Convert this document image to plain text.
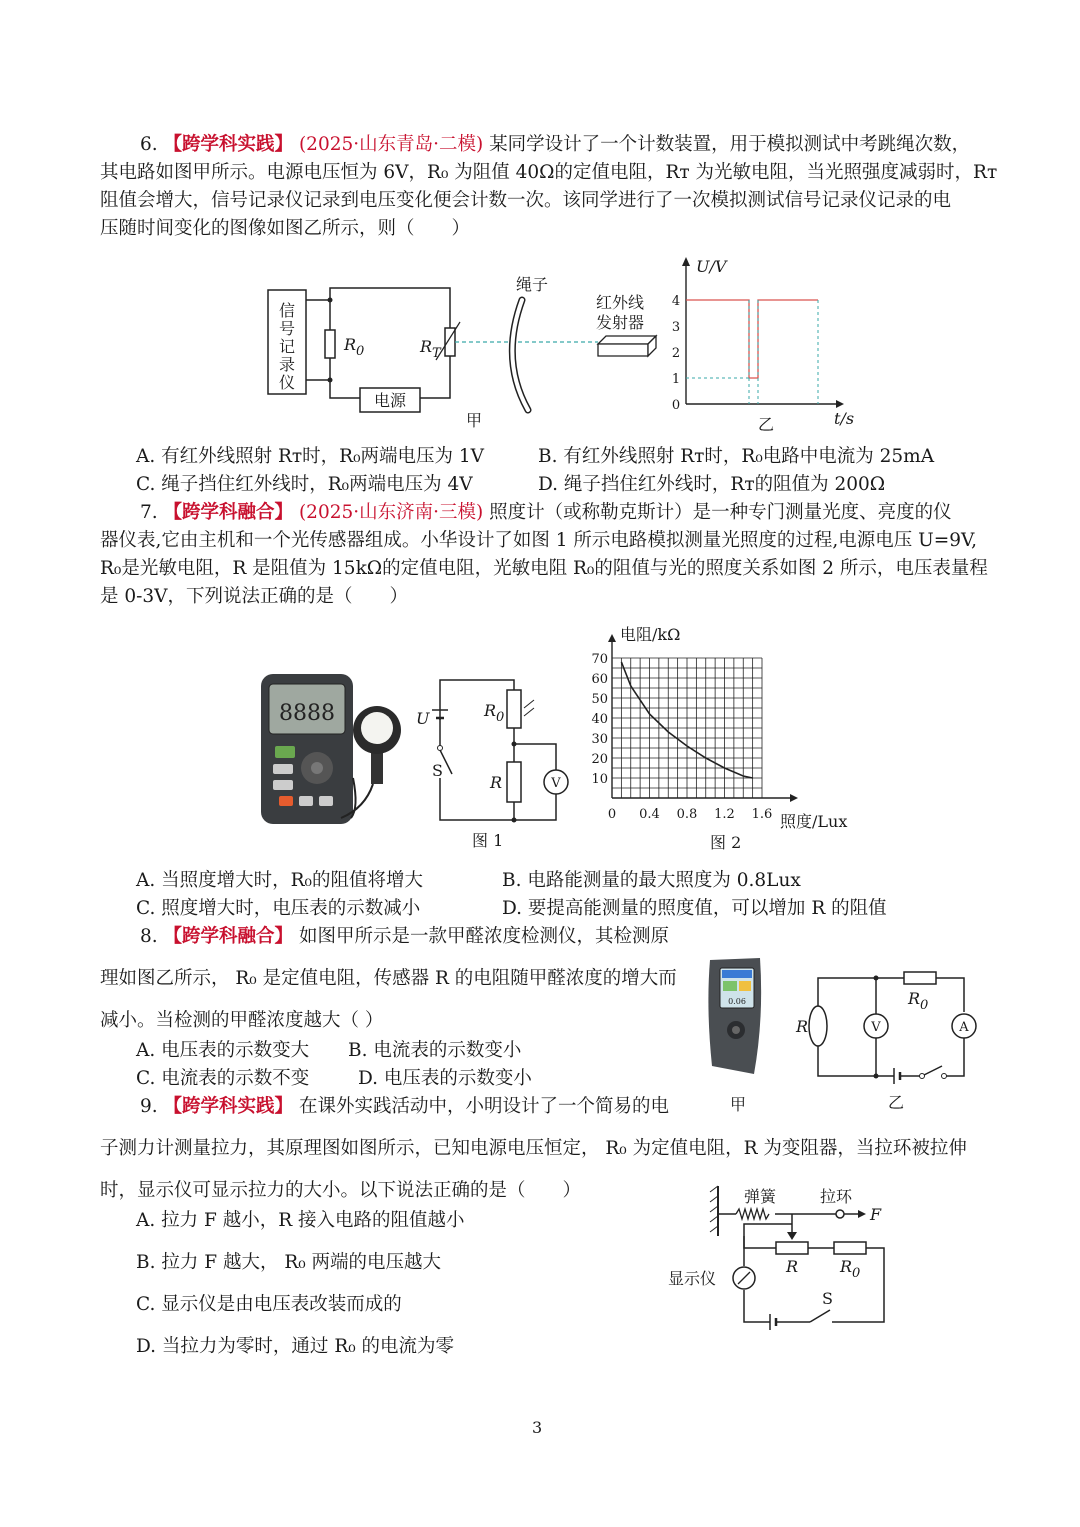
6. 【跨学科实践】 (2025·山东青岛·二模) 某同学设计了一个计数装置，用于模拟测试中考跳绳次数，
其电路如图甲所示。电源电压恒为 6V，R₀ 为阻值 40Ω的定值电阻，Rᴛ 为光敏电阻，当光照强度减弱时，Rᴛ
阻值会增大，信号记录仪记录到电压变化便会计数一次。该同学进行了一次模拟测试信号记录仪记录的电
压随时间变化的图像如图乙所示，则（　　）
信号记录仪
$R_0$	$R_T$
电源
绳子
红外线
发射器
甲
U/V
t/s
乙
0
1
2
3
4
A. 有红外线照射 Rᴛ时，R₀两端电压为 1V	B. 有红外线照射 Rᴛ时，R₀电路中电流为 25mA
C. 绳子挡住红外线时，R₀两端电压为 4V	D. 绳子挡住红外线时，Rᴛ的阻值为 200Ω
7. 【跨学科融合】 (2025·山东济南·三模) 照度计（或称勒克斯计）是一种专门测量光度、亮度的仪
器仪表,它由主机和一个光传感器组成。小华设计了如图 1 所示电路模拟测量光照度的过程,电源电压 U=9V,
R₀是光敏电阻，R 是阻值为 15kΩ的定值电阻，光敏电阻 R₀的阻值与光的照度关系如图 2 所示，电压表量程
是 0-3V，下列说法正确的是（　　）
8888	U
S
$R_0$
R	V
图 1
电阻/kΩ
照度/Lux
图 2
10
20
30
40
50
60
70
0 0.4 0.8 1.2 1.6
A. 当照度增大时，R₀的阻值将增大	B. 电路能测量的最大照度为 0.8Lux
C. 照度增大时，电压表的示数减小	D. 要提高能测量的照度值，可以增加 R 的阻值
8. 【跨学科融合】 如图甲所示是一款甲醛浓度检测仪，其检测原
理如图乙所示， R₀ 是定值电阻，传感器 R 的电阻随甲醛浓度的增大而
减小。当检测的甲醛浓度越大（ ）
A. 电压表的示数变大 B. 电流表的示数变小
C. 电流表的示数不变	D. 电压表的示数变小
0.06
甲
$R_0$
R	V	A
乙
9. 【跨学科实践】 在课外实践活动中，小明设计了一个简易的电
子测力计测量拉力，其原理图如图所示，已知电源电压恒定， R₀ 为定值电阻，R 为变阻器，当拉环被拉伸
时，显示仪可显示拉力的大小。以下说法正确的是（　　）
A. 拉力 F 越小，R 接入电路的阻值越小
B. 拉力 F 越大， R₀ 两端的电压越大
C. 显示仪是由电压表改装而成的
D. 当拉力为零时，通过 R₀ 的电流为零
弹簧	拉环
F
R	$R_0$
显示仪
S
3
